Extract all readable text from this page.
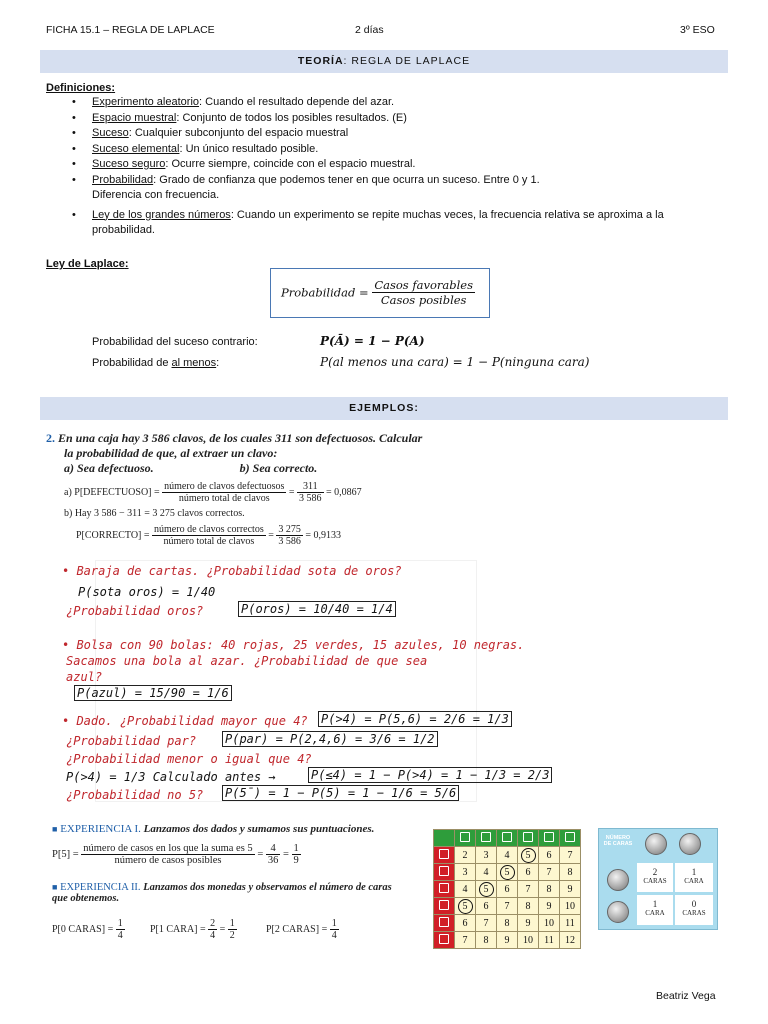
FICHA 15.1 – REGLA DE LAPLACE	2 días	3º ESO
TEORÍA: REGLA DE LAPLACE
Definiciones:
• Experimento aleatorio: Cuando el resultado depende del azar.
• Espacio muestral: Conjunto de todos los posibles resultados. (E)
• Suceso: Cualquier subconjunto del espacio muestral
• Suceso elemental: Un único resultado posible.
• Suceso seguro: Ocurre siempre, coincide con el espacio muestral.
• Probabilidad: Grado de confianza que podemos tener en que ocurra un suceso. Entre 0 y 1.
Diferencia con frecuencia.
• Ley de los grandes números: Cuando un experimento se repite muchas veces, la frecuencia relativa se aproxima a la probabilidad.
Ley de Laplace:
Probabilidad = $\frac{\text{Casos favorables}}{\text{Casos posibles}}$
Probabilidad del suceso contrario:	P(Ā) = 1 − P(A)
Probabilidad de al menos:	P(al menos una cara) = 1 − P(ninguna cara)
EJEMPLOS:
2. En una caja hay 3 586 clavos, de los cuales 311 son defectuosos. Calcular
la probabilidad de que, al extraer un clavo:
a) Sea defectuoso.	b) Sea correcto.
a) P[DEFECTUOSO] = $\frac{\text{número de clavos defectuosos}}{\text{número total de clavos}} = \frac{311}{3 586} = 0,0867$
b) Hay 3 586 − 311 = 3 275 clavos correctos.
P[CORRECTO] = $\frac{\text{número de clavos correctos}}{\text{número total de clavos}} = \frac{3 275}{3 586} = 0,9133$
• Baraja de cartas. ¿Probabilidad sota de oros?
P(sota oros) = 1/40
¿Probabilidad oros?	P(oros) = 10/40 = 1/4
• Bolsa con 90 bolas: 40 rojas, 25 verdes, 15 azules, 10 negras.
Sacamos una bola al azar. ¿Probabilidad de que sea
azul?
P(azul) = 15/90 = 1/6
• Dado. ¿Probabilidad mayor que 4? P(>4) = P(5,6) = 2/6 = 1/3
¿Probabilidad par? P(par) = P(2,4,6) = 3/6 = 1/2
¿Probabilidad menor o igual que 4?
P(>4) = 1/3 Calculado antes →	P(≤4) = 1 − P(>4) = 1 − 1/3 = 2/3
¿Probabilidad no 5? P(5̄) = 1 − P(5) = 1 − 1/6 = 5/6
■ EXPERIENCIA I. Lanzamos dos dados y sumamos sus puntuaciones.
$P[5] = \frac{\text{número de casos en los que la suma es 5}}{\text{número de casos posibles}} = \frac{4}{36} = \frac{1}{9}$
■ EXPERIENCIA II. Lanzamos dos monedas y observamos el número de caras
que obtenemos.
P[0 CARAS] = $\frac{1}{4}$	P[1 CARA] = $\frac{2}{4} = \frac{1}{2}$	P[2 CARAS] = $\frac{1}{4}$

	2	3	4	5	6	7
	3	4	5	6	7	8
	4	5	6	7	8	9
	5	6	7	8	9	10
	6	7	8	9	10	11
	7	8	9	10	11	12
NÚMERO DE CARAS
2
CARAS
1
CARA
1
CARA
0
CARAS
Beatriz Vega
